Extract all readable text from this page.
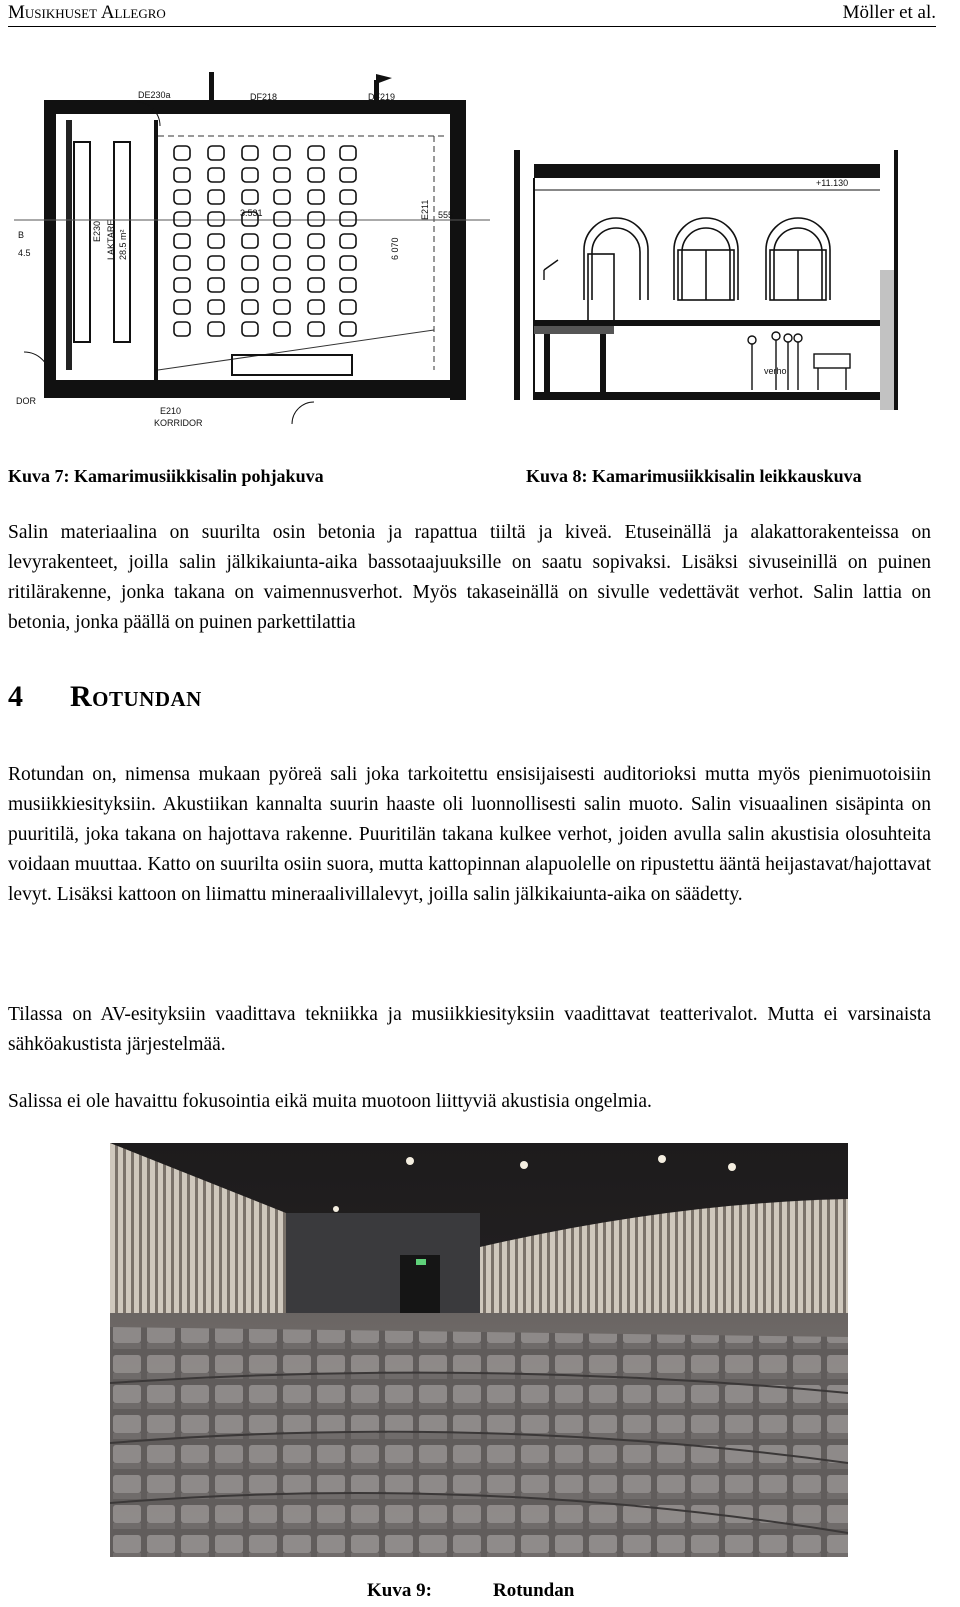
Musikhuset Allegro	Möller et al.
DE230a	DF218	DF219
E230 LAKTARE 28.5 m²
E211
6 070
3.531	555
DOR
E210
KORRIDOR
B
4.5
+11.130
verho
Kuva 7: Kamarimusiikkisalin pohjakuva	Kuva 8: Kamarimusiikkisalin leikkauskuva

Salin materiaalina on suurilta osin betonia ja rapattua tiiltä ja kiveä. Etuseinällä ja alakattorakenteissa on levyrakenteet, joilla salin jälkikaiunta-aika bassotaajuuksille on saatu sopivaksi. Lisäksi sivuseinillä on puinen ritilärakenne, jonka takana on vaimennusverhot. Myös takaseinällä on sivulle vedettävät verhot. Salin lattia on betonia, jonka päällä on puinen parkettilattia

4 Rotundan

Rotundan on, nimensa mukaan pyöreä sali joka tarkoitettu ensisijaisesti auditorioksi mutta myös pienimuotoisiin musiikkiesityksiin. Akustiikan kannalta suurin haaste oli luonnollisesti salin muoto. Salin visuaalinen sisäpinta on puuritilä, joka takana on hajottava rakenne. Puuritilän takana kulkee verhot, joiden avulla salin akustisia olosuhteita voidaan muuttaa. Katto on suurilta osiin suora, mutta kattopinnan alapuolelle on ripustettu ääntä heijastavat/hajottavat levyt. Lisäksi kattoon on liimattu mineraalivillalevyt, joilla salin jälkikaiunta-aika on säädetty.

Tilassa on AV-esityksiin vaadittava tekniikka ja musiikkiesityksiin vaadittavat teatterivalot. Mutta ei varsinaista sähköakustista järjestelmää.

Salissa ei ole havaittu fokusointia eikä muita muotoon liittyviä akustisia ongelmia.

Kuva 9:	Rotundan
